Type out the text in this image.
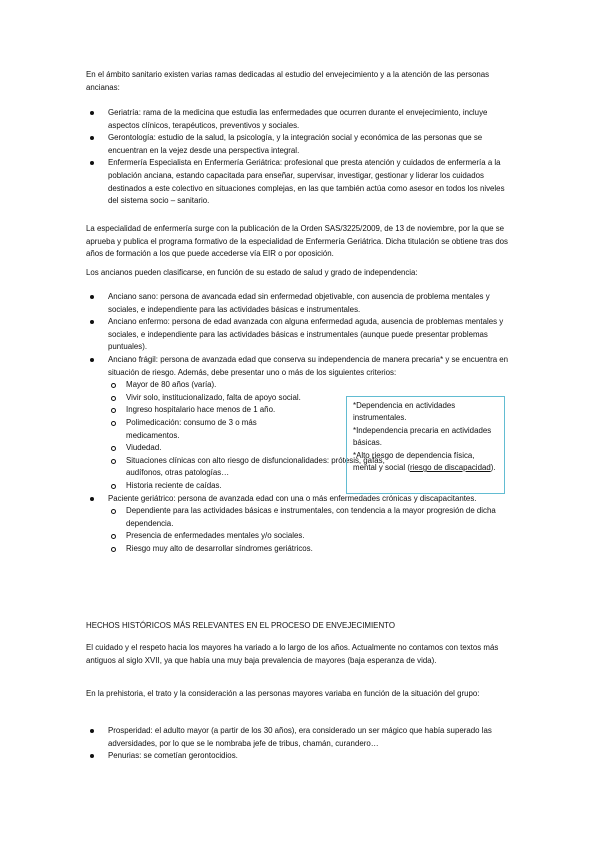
En el ámbito sanitario existen varias ramas dedicadas al estudio del envejecimiento y a la atención de las personas ancianas:

Geriatría: rama de la medicina que estudia las enfermedades que ocurren durante el envejecimiento, incluye aspectos clínicos, terapéuticos, preventivos y sociales.
Gerontología: estudio de la salud, la psicología, y la integración social y económica de las personas que se encuentran en la vejez desde una perspectiva integral.
Enfermería Especialista en Enfermería Geriátrica: profesional que presta atención y cuidados de enfermería a la población anciana, estando capacitada para enseñar, supervisar, investigar, gestionar y liderar los cuidados destinados a este colectivo en situaciones complejas, en las que también actúa como asesor en todos los niveles del sistema socio – sanitario.

La especialidad de enfermería surge con la publicación de la Orden SAS/3225/2009, de 13 de noviembre, por la que se aprueba y publica el programa formativo de la especialidad de Enfermería Geriátrica. Dicha titulación se obtiene tras dos años de formación a los que puede accederse vía EIR o por oposición.

Los ancianos pueden clasificarse, en función de su estado de salud y grado de independencia:

Anciano sano: persona de avancada edad sin enfermedad objetivable, con ausencia de problema mentales y sociales, e independiente para las actividades básicas e instrumentales.
Anciano enfermo: persona de edad avanzada con alguna enfermedad aguda, ausencia de problemas mentales y sociales, e independiente para las actividades básicas e instrumentales (aunque puede presentar problemas puntuales).
Anciano frágil: persona de avanzada edad que conserva su independencia de manera precaria* y se encuentra en situación de riesgo. Además, debe presentar uno o más de los siguientes criterios:
Mayor de 80 años (varía).
Vivir solo, institucionalizado, falta de apoyo social.
Ingreso hospitalario hace menos de 1 año.
Polimedicación: consumo de 3 o más medicamentos.
Viudedad.
Situaciones clínicas con alto riesgo de disfuncionalidades: prótesis, gafas, audífonos, otras patologías…
Historia reciente de caídas.
Paciente geriátrico: persona de avanzada edad con una o más enfermedades crónicas y discapacitantes.
Dependiente para las actividades básicas e instrumentales, con tendencia a la mayor progresión de dicha dependencia.
Presencia de enfermedades mentales y/o sociales.
Riesgo muy alto de desarrollar síndromes geriátricos.

*Dependencia en actividades instrumentales.

*Independencia precaria en actividades básicas.

*Alto riesgo de dependencia física, mental y social (riesgo de discapacidad).

HECHOS HISTÓRICOS MÁS RELEVANTES EN EL PROCESO DE ENVEJECIMIENTO

El cuidado y el respeto hacia los mayores ha variado a lo largo de los años. Actualmente no contamos con textos más antiguos al siglo XVII, ya que había una muy baja prevalencia de mayores (baja esperanza de vida).

En la prehistoria, el trato y la consideración a las personas mayores variaba en función de la situación del grupo:

Prosperidad: el adulto mayor (a partir de los 30 años), era considerado un ser mágico que había superado las adversidades, por lo que se le nombraba jefe de tribus, chamán, curandero…
Penurias: se cometían gerontocidios.
